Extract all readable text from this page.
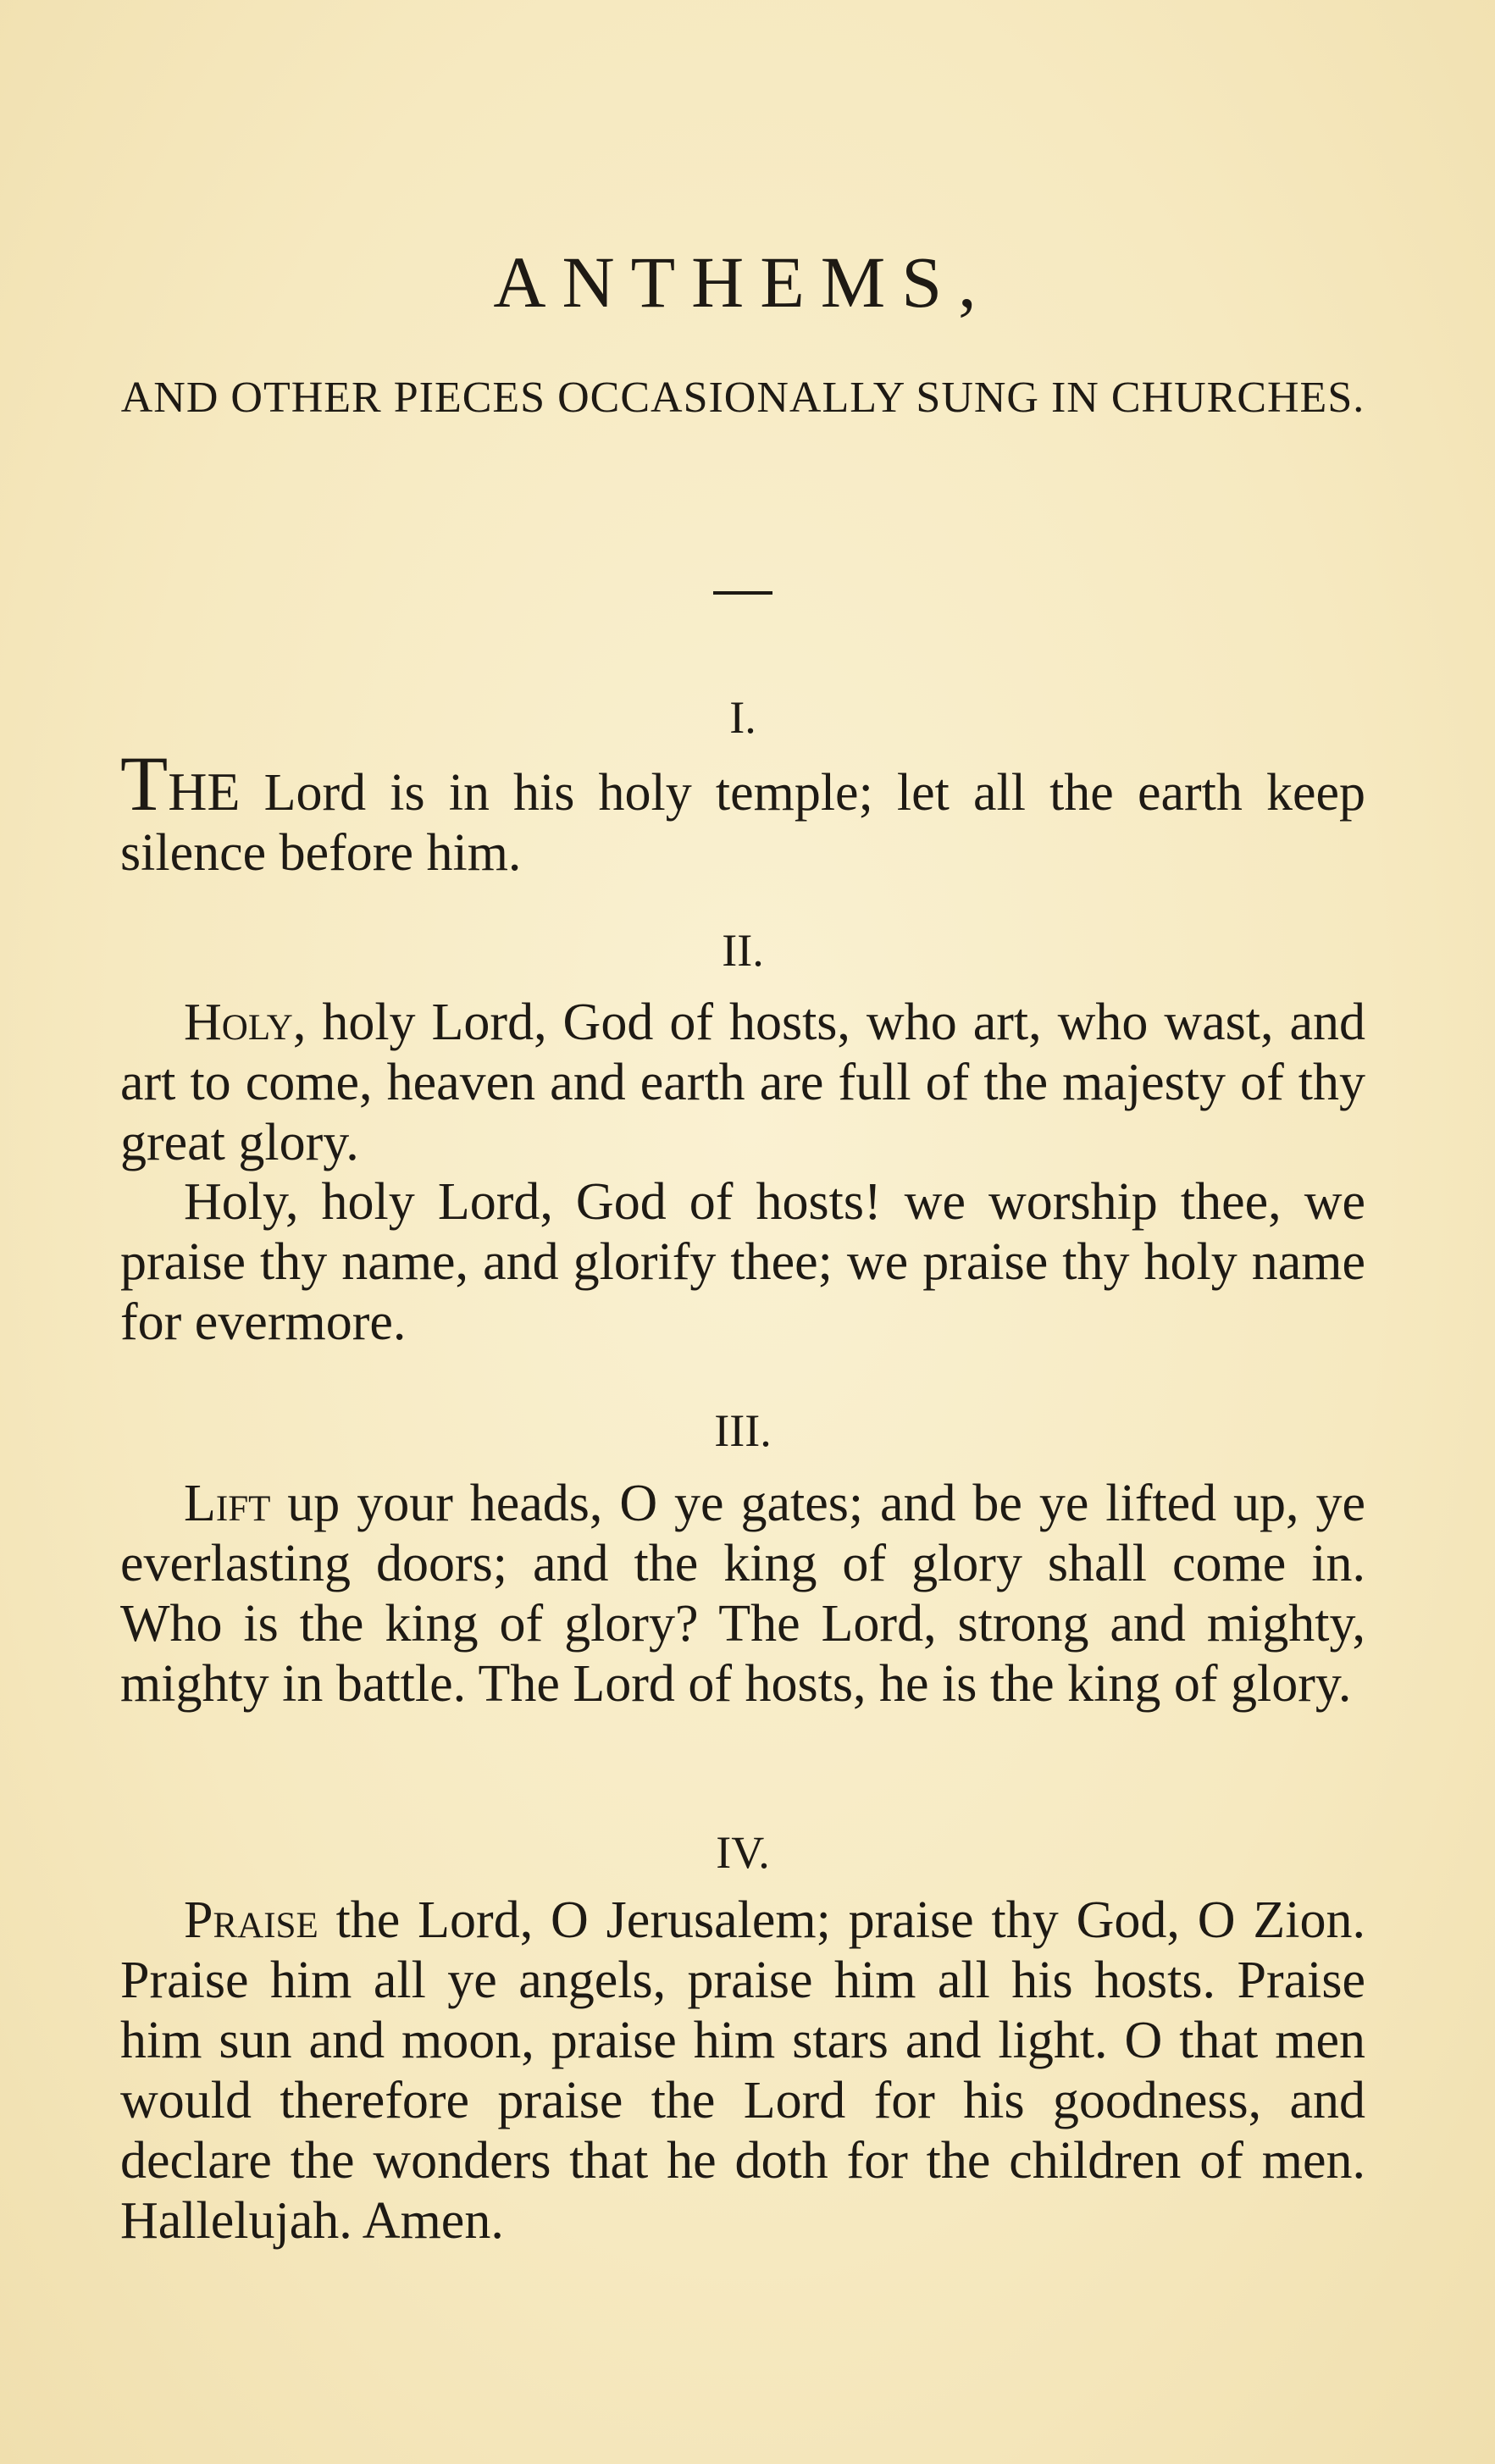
ANTHEMS,
AND OTHER PIECES OCCASIONALLY SUNG IN CHURCHES.
I.

The Lord is in his holy temple; let all the earth keep silence before him.

II.

Holy, holy Lord, God of hosts, who art, who wast, and art to come, heaven and earth are full of the majesty of thy great glory.

Holy, holy Lord, God of hosts! we worship thee, we praise thy name, and glorify thee; we praise thy holy name for evermore.

III.

Lift up your heads, O ye gates; and be ye lifted up, ye everlasting doors; and the king of glory shall come in. Who is the king of glory? The Lord, strong and mighty, mighty in battle. The Lord of hosts, he is the king of glory.

IV.

Praise the Lord, O Jerusalem; praise thy God, O Zion. Praise him all ye angels, praise him all his hosts. Praise him sun and moon, praise him stars and light. O that men would therefore praise the Lord for his goodness, and declare the wonders that he doth for the children of men. Hallelujah. Amen.
